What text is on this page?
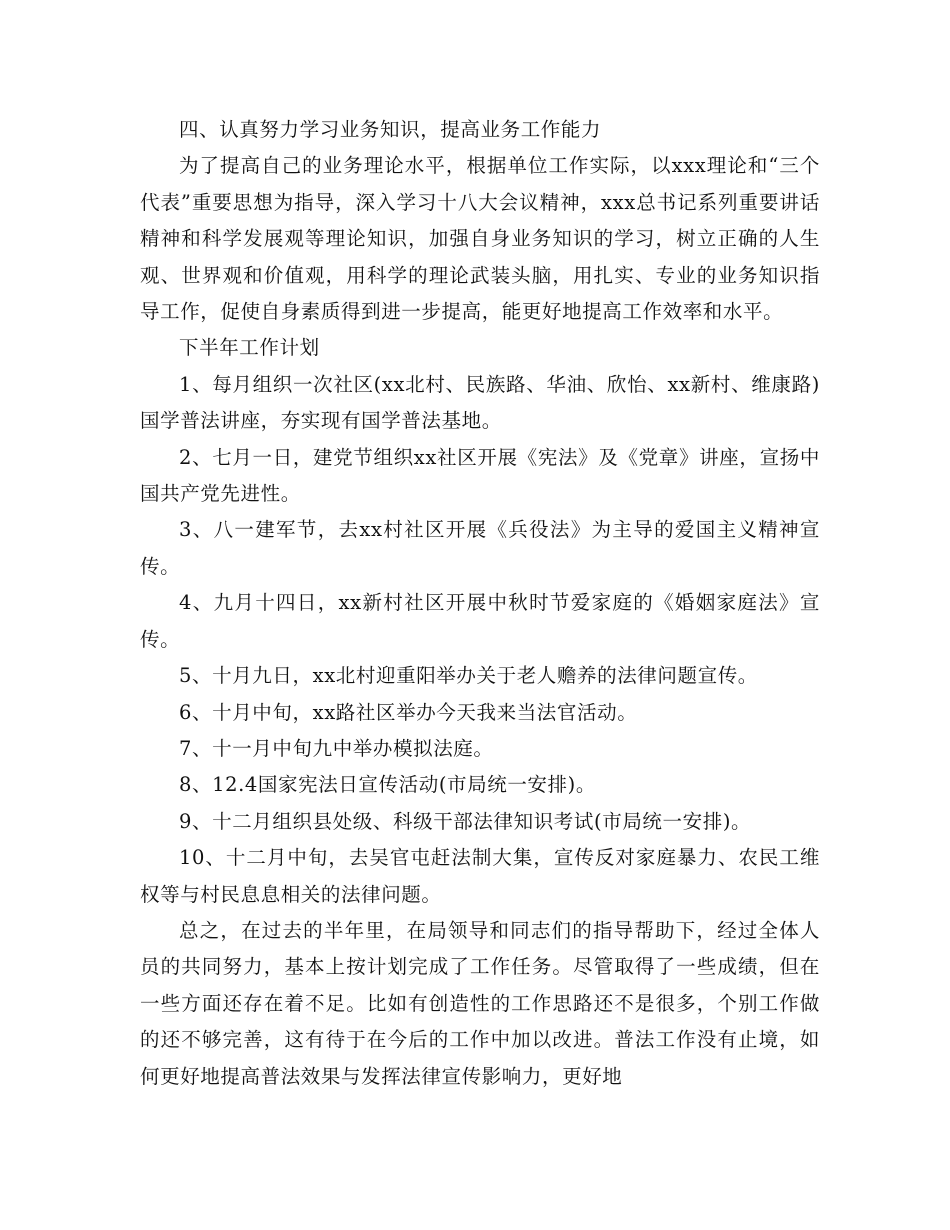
四、认真努力学习业务知识，提高业务工作能力

为了提高自己的业务理论水平，根据单位工作实际，以xxx理论和“三个代表”重要思想为指导，深入学习十八大会议精神，xxx总书记系列重要讲话精神和科学发展观等理论知识，加强自身业务知识的学习，树立正确的人生观、世界观和价值观，用科学的理论武装头脑，用扎实、专业的业务知识指导工作，促使自身素质得到进一步提高，能更好地提高工作效率和水平。

下半年工作计划

1、每月组织一次社区(xx北村、民族路、华油、欣怡、xx新村、维康路)国学普法讲座，夯实现有国学普法基地。

2、七月一日，建党节组织xx社区开展《宪法》及《党章》讲座，宣扬中国共产党先进性。

3、八一建军节，去xx村社区开展《兵役法》为主导的爱国主义精神宣传。

4、九月十四日，xx新村社区开展中秋时节爱家庭的《婚姻家庭法》宣传。

5、十月九日，xx北村迎重阳举办关于老人赡养的法律问题宣传。

6、十月中旬，xx路社区举办今天我来当法官活动。

7、十一月中旬九中举办模拟法庭。

8、12.4国家宪法日宣传活动(市局统一安排)。

9、十二月组织县处级、科级干部法律知识考试(市局统一安排)。

10、十二月中旬，去吴官屯赶法制大集，宣传反对家庭暴力、农民工维权等与村民息息相关的法律问题。

总之，在过去的半年里，在局领导和同志们的指导帮助下，经过全体人员的共同努力，基本上按计划完成了工作任务。尽管取得了一些成绩，但在一些方面还存在着不足。比如有创造性的工作思路还不是很多，个别工作做的还不够完善，这有待于在今后的工作中加以改进。普法工作没有止境，如何更好地提高普法效果与发挥法律宣传影响力，更好地
